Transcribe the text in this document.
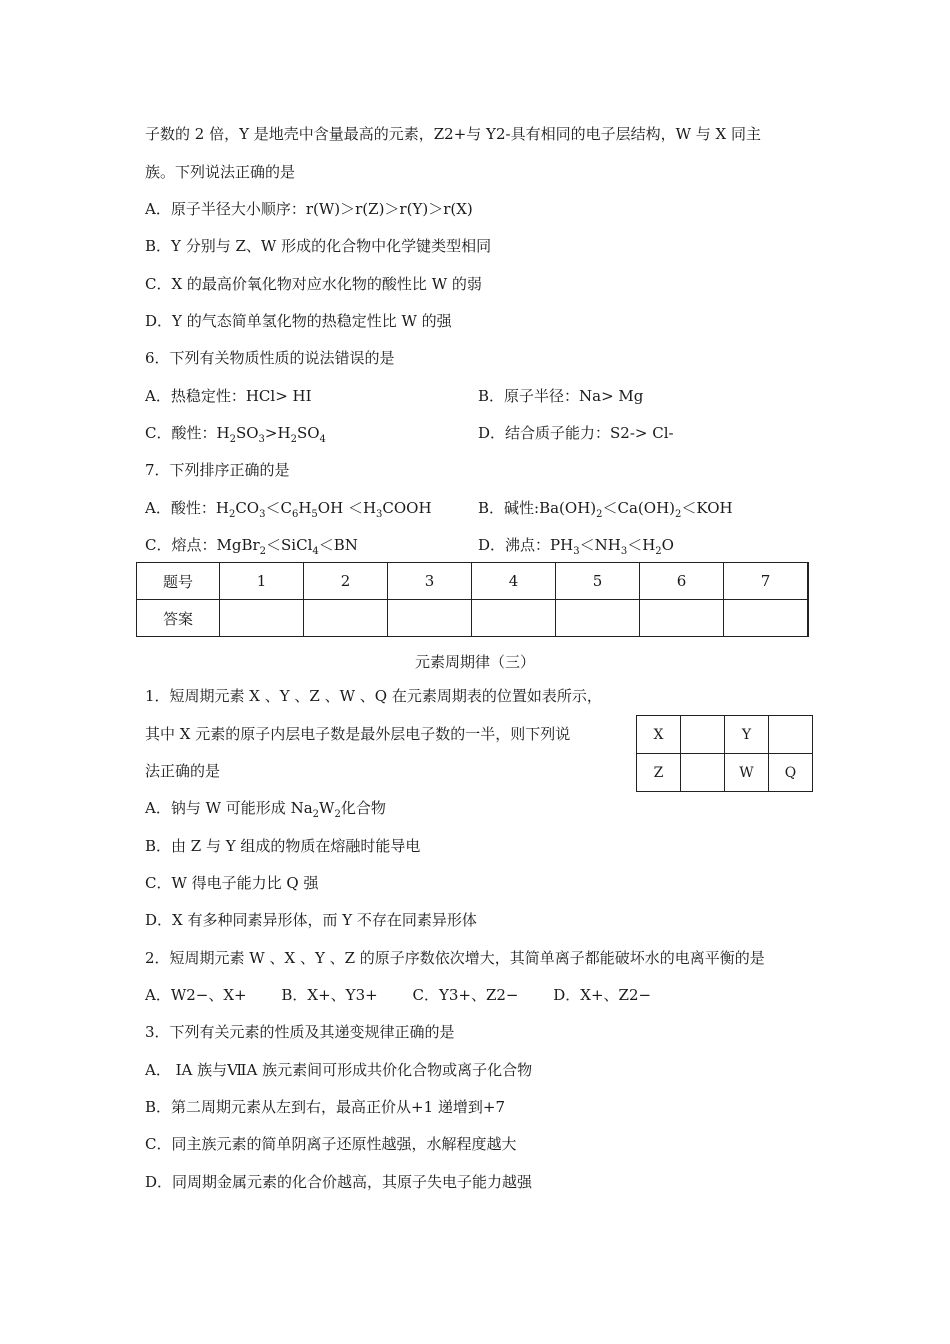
子数的 2 倍，Y 是地壳中含量最高的元素，Z2+与 Y2-具有相同的电子层结构，W 与 X 同主
族。下列说法正确的是
A．原子半径大小顺序：r(W)＞r(Z)＞r(Y)＞r(X)
B．Y 分别与 Z、W 形成的化合物中化学键类型相同
C．X 的最高价氧化物对应水化物的酸性比 W 的弱
D．Y 的气态简单氢化物的热稳定性比 W 的强
6．下列有关物质性质的说法错误的是
A．热稳定性：HCl> HI	B．原子半径：Na> Mg
C．酸性：$H_2SO_3>H_2SO_4$	D．结合质子能力：S2-> Cl-
7．下列排序正确的是
A．酸性：$H_2CO_3<C_6H_5OH$ $<H_3COOH$	B．碱性$:Ba(OH)_2<Ca(OH)_2<KOH$
C．熔点：MgBr$_2$＜SiCl$_4$＜BN	D．沸点：$PH_3<NH_3<H_2O$
题号	1	2	3	4	5	6	7
答案							
元素周期律（三）
1．短周期元素 X 、Y 、Z 、W 、Q 在元素周期表的位置如表所示，
其中 X 元素的原子内层电子数是最外层电子数的一半，则下列说
法正确的是
X		Y	
Z		W	Q
A．钠与 W 可能形成 $Na_2W_2$化合物
B．由 Z 与 Y 组成的物质在熔融时能导电
C．W 得电子能力比 Q 强
D．X 有多种同素异形体，而 Y 不存在同素异形体
2．短周期元素 W 、X 、Y 、Z 的原子序数依次增大，其简单离子都能破坏水的电离平衡的是
A．W2−、X+ B．X+、Y3+ C．Y3+、Z2− D．X+、Z2−
3．下列有关元素的性质及其递变规律正确的是
A． ⅠA 族与ⅦA 族元素间可形成共价化合物或离子化合物
B．第二周期元素从左到右，最高正价从+1 递增到+7
C．同主族元素的简单阴离子还原性越强，水解程度越大
D．同周期金属元素的化合价越高，其原子失电子能力越强
